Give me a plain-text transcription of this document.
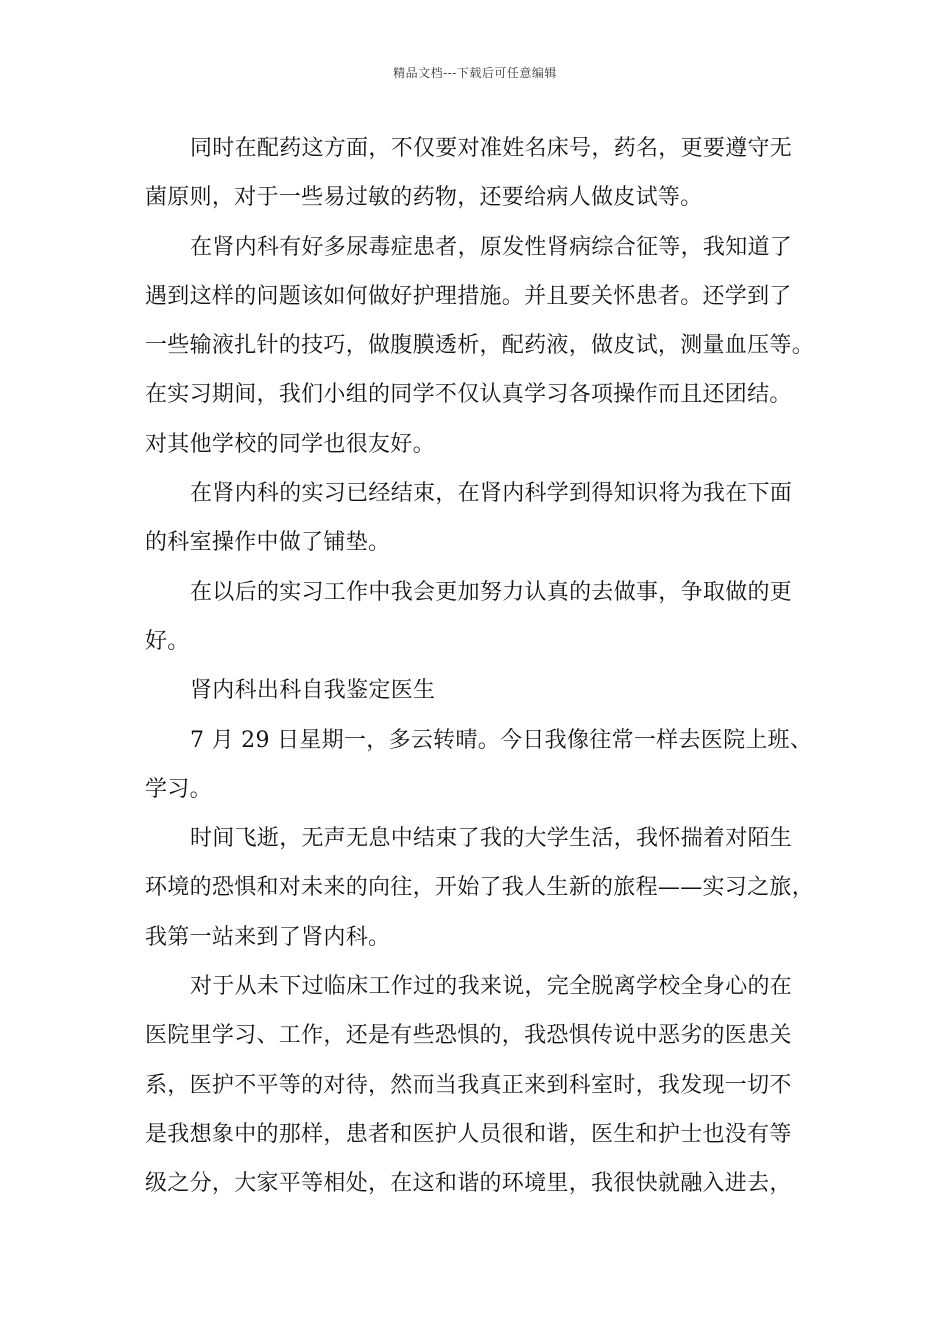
精品文档---下载后可任意编辑
同时在配药这方面，不仅要对准姓名床号，药名，更要遵守无
菌原则，对于一些易过敏的药物，还要给病人做皮试等。
在肾内科有好多尿毒症患者，原发性肾病综合征等，我知道了
遇到这样的问题该如何做好护理措施。并且要关怀患者。还学到了
一些输液扎针的技巧，做腹膜透析，配药液，做皮试，测量血压等。
在实习期间，我们小组的同学不仅认真学习各项操作而且还团结。
对其他学校的同学也很友好。
在肾内科的实习已经结束，在肾内科学到得知识将为我在下面
的科室操作中做了铺垫。
在以后的实习工作中我会更加努力认真的去做事，争取做的更
好。
肾内科出科自我鉴定医生
7 月 29 日星期一，多云转晴。今日我像往常一样去医院上班、
学习。
时间飞逝，无声无息中结束了我的大学生活，我怀揣着对陌生
环境的恐惧和对未来的向往，开始了我人生新的旅程——实习之旅，
我第一站来到了肾内科。
对于从未下过临床工作过的我来说，完全脱离学校全身心的在
医院里学习、工作，还是有些恐惧的，我恐惧传说中恶劣的医患关
系，医护不平等的对待，然而当我真正来到科室时，我发现一切不
是我想象中的那样，患者和医护人员很和谐，医生和护士也没有等
级之分，大家平等相处，在这和谐的环境里，我很快就融入进去，
